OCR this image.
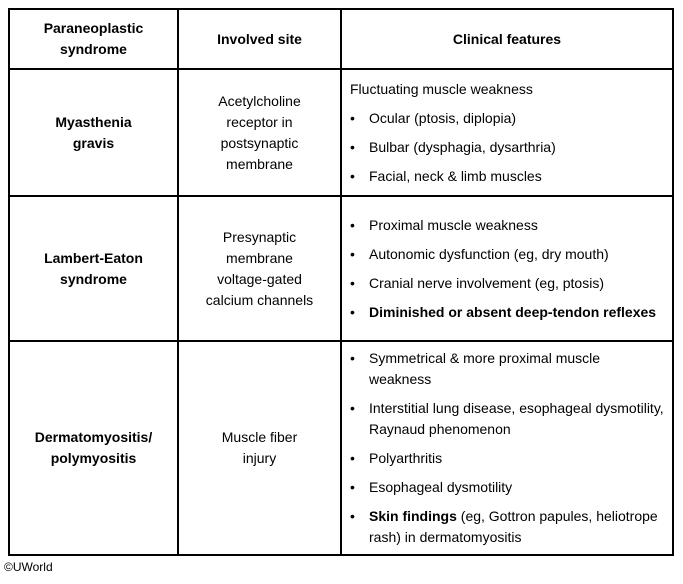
Paraneoplastic
syndrome	Involved site	Clinical features
Myasthenia
gravis	Acetylcholine
receptor in
postsynaptic
membrane	
Fluctuating muscle weakness
•	Ocular (ptosis, diplopia)
•	Bulbar (dysphagia, dysarthria)
•	Facial, neck & limb muscles

Lambert-Eaton
syndrome	Presynaptic
membrane
voltage-gated
calcium channels	
•	Proximal muscle weakness
•	Autonomic dysfunction (eg, dry mouth)
•	Cranial nerve involvement (eg, ptosis)
•	Diminished or absent deep-tendon reflexes

Dermatomyositis/
polymyositis	Muscle fiber
injury	
•	Symmetrical & more proximal muscle weakness
•	Interstitial lung disease, esophageal dysmotility, Raynaud phenomenon
•	Polyarthritis
•	Esophageal dysmotility
•	Skin findings (eg, Gottron papules, heliotrope rash) in dermatomyositis
©UWorld
